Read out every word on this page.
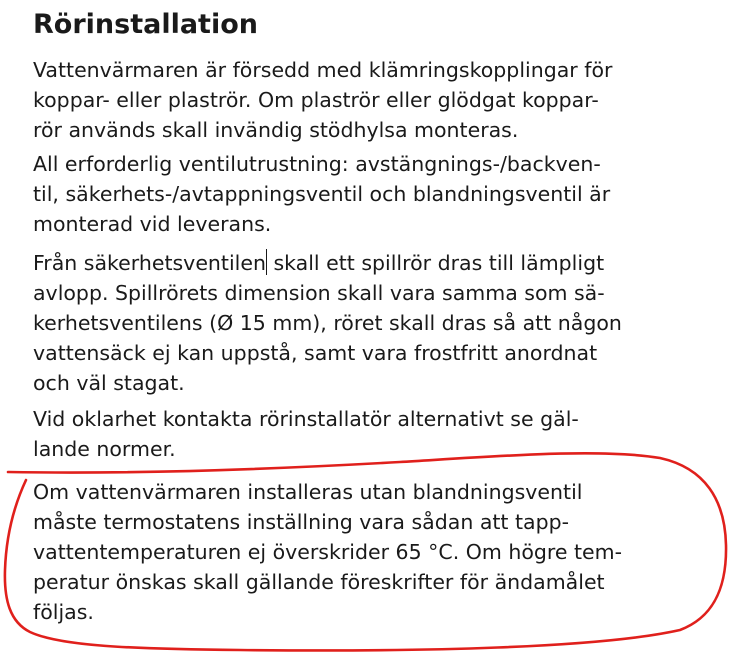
Rörinstallation

Vattenvärmaren är försedd med klämringskopplingar för
koppar- eller plaströr. Om plaströr eller glödgat koppar-
rör används skall invändig stödhylsa monteras.

All erforderlig ventilutrustning: avstängnings-/backven-
til, säkerhets-/avtappningsventil och blandningsventil är
monterad vid leverans.

Från säkerhetsventilen skall ett spillrör dras till lämpligt
avlopp. Spillrörets dimension skall vara samma som sä-
kerhetsventilens (Ø 15 mm), röret skall dras så att någon
vattensäck ej kan uppstå, samt vara frostfritt anordnat
och väl stagat.

Vid oklarhet kontakta rörinstallatör alternativt se gäl-
lande normer.

Om vattenvärmaren installeras utan blandningsventil
måste termostatens inställning vara sådan att tapp-
vattentemperaturen ej överskrider 65 °C. Om högre tem-
peratur önskas skall gällande föreskrifter för ändamålet
följas.
